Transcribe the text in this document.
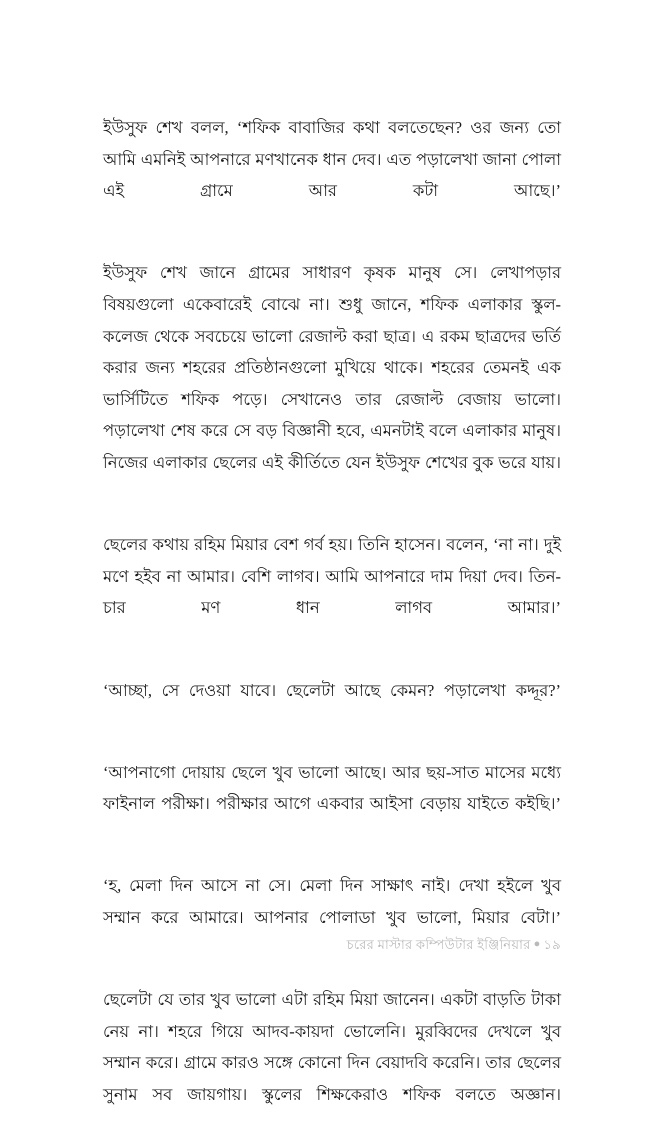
ইউসুফ শেখ বলল, ‘শফিক বাবাজির কথা বলতেছেন? ওর জন্য তো আমি এমনিই আপনারে মণখানেক ধান দেব। এত পড়ালেখা জানা পোলা এই গ্রামে আর কটা আছে।’

ইউসুফ শেখ জানে গ্রামের সাধারণ কৃষক মানুষ সে। লেখাপড়ার বিষয়গুলো একেবারেই বোঝে না। শুধু জানে, শফিক এলাকার স্কুল-কলেজ থেকে সবচেয়ে ভালো রেজাল্ট করা ছাত্র। এ রকম ছাত্রদের ভর্তি করার জন্য শহরের প্রতিষ্ঠানগুলো মুখিয়ে থাকে। শহরের তেমনই এক ভার্সিটিতে শফিক পড়ে। সেখানেও তার রেজাল্ট বেজায় ভালো। পড়ালেখা শেষ করে সে বড় বিজ্ঞানী হবে, এমনটাই বলে এলাকার মানুষ। নিজের এলাকার ছেলের এই কীর্তিতে যেন ইউসুফ শেখের বুক ভরে যায়।

ছেলের কথায় রহিম মিয়ার বেশ গর্ব হয়। তিনি হাসেন। বলেন, ‘না না। দুই মণে হইব না আমার। বেশি লাগব। আমি আপনারে দাম দিয়া দেব। তিন-চার মণ ধান লাগব আমার।’

‘আচ্ছা, সে দেওয়া যাবে। ছেলেটা আছে কেমন? পড়ালেখা কদ্দূর?’

‘আপনাগো দোয়ায় ছেলে খুব ভালো আছে। আর ছয়-সাত মাসের মধ্যে ফাইনাল পরীক্ষা। পরীক্ষার আগে একবার আইসা বেড়ায় যাইতে কইছি।’

‘হ, মেলা দিন আসে না সে। মেলা দিন সাক্ষাৎ নাই। দেখা হইলে খুব সম্মান করে আমারে। আপনার পোলাডা খুব ভালো, মিয়ার বেটা।’

ছেলেটা যে তার খুব ভালো এটা রহিম মিয়া জানেন। একটা বাড়তি টাকা নেয় না। শহরে গিয়ে আদব-কায়দা ভোলেনি। মুরব্বিদের দেখলে খুব সম্মান করে। গ্রামে কারও সঙ্গে কোনো দিন বেয়াদবি করেনি। তার ছেলের সুনাম সব জায়গায়। স্কুলের শিক্ষকেরাও শফিক বলতে অজ্ঞান।

চরের মাস্টার কম্পিউটার ইঞ্জিনিয়ার ● ১৯
